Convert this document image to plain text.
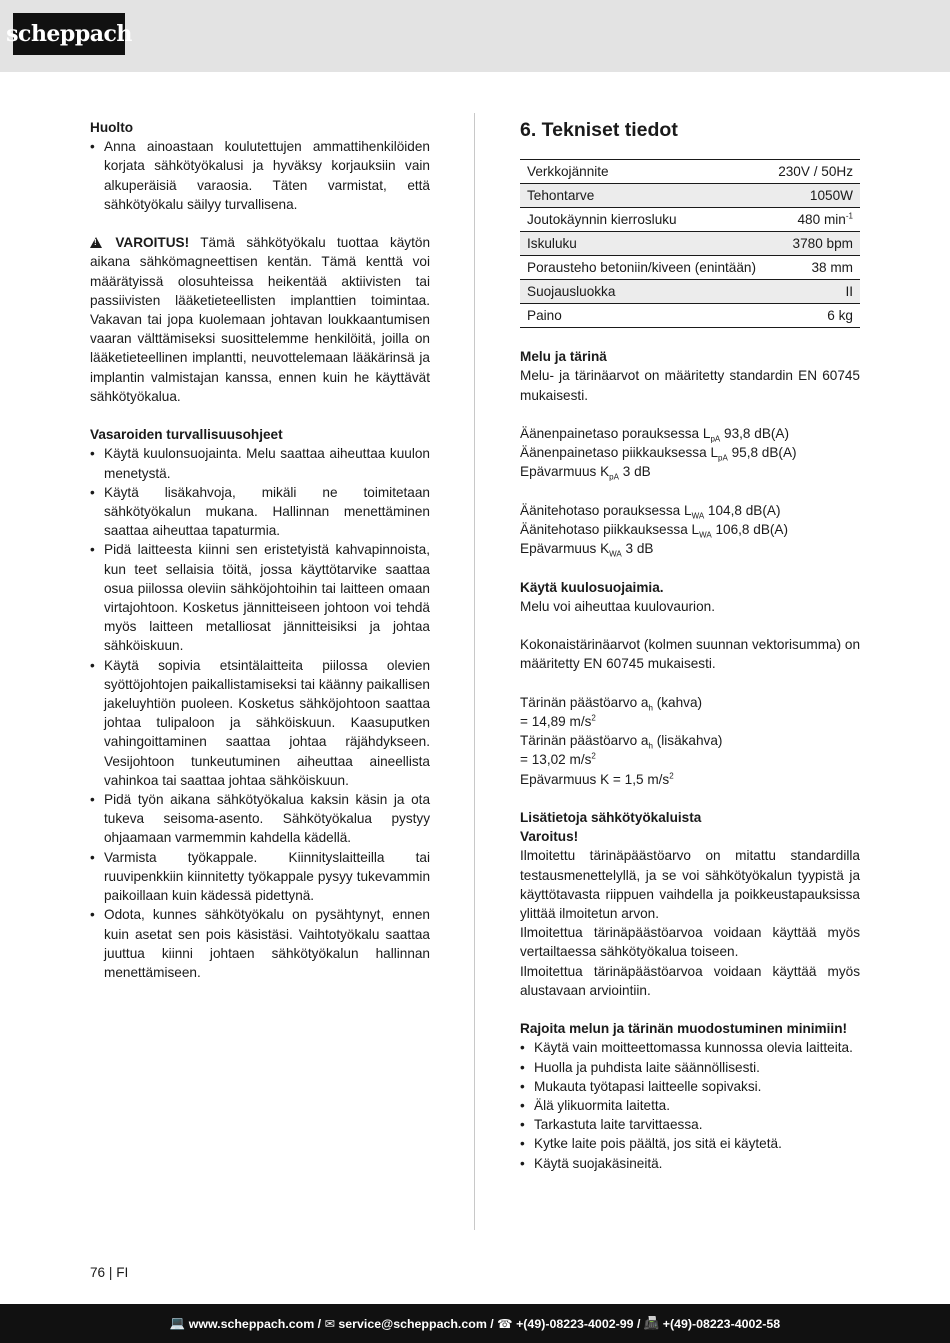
scheppach

Huolto

• Anna ainoastaan koulutettujen ammattihenkilöiden korjata sähkötyökalusi ja hyväksy korjauksiin vain alkuperäisiä varaosia. Täten varmistat, että sähkötyökalu säilyy turvallisena.

! VAROITUS! Tämä sähkötyökalu tuottaa käytön aikana sähkömagneettisen kentän. Tämä kenttä voi määrätyissä olosuhteissa heikentää aktiivisten tai passiivisten lääketieteellisten implanttien toimintaa. Vakavan tai jopa kuolemaan johtavan loukkaantumisen vaaran välttämiseksi suosittelemme henkilöitä, joilla on lääketieteellinen implantti, neuvottelemaan lääkärinsä ja implantin valmistajan kanssa, ennen kuin he käyttävät sähkötyökalua.

Vasaroiden turvallisuusohjeet

• Käytä kuulonsuojainta. Melu saattaa aiheuttaa kuulon menetystä.
• Käytä lisäkahvoja, mikäli ne toimitetaan sähkötyökalun mukana. Hallinnan menettäminen saattaa aiheuttaa tapaturmia.
• Pidä laitteesta kiinni sen eristetyistä kahvapinnoista, kun teet sellaisia töitä, jossa käyttötarvike saattaa osua piilossa oleviin sähköjohtoihin tai laitteen omaan virtajohtoon. Kosketus jännitteiseen johtoon voi tehdä myös laitteen metalliosat jännitteisiksi ja johtaa sähköiskuun.
• Käytä sopivia etsintälaitteita piilossa olevien syöttöjohtojen paikallistamiseksi tai käänny paikallisen jakeluyhtiön puoleen. Kosketus sähköjohtoon saattaa johtaa tulipaloon ja sähköiskuun. Kaasuputken vahingoittaminen saattaa johtaa räjähdykseen. Vesijohtoon tunkeutuminen aiheuttaa aineellista vahinkoa tai saattaa johtaa sähköiskuun.
• Pidä työn aikana sähkötyökalua kaksin käsin ja ota tukeva seisoma-asento. Sähkötyökalua pystyy ohjaamaan varmemmin kahdella kädellä.
• Varmista työkappale. Kiinnityslaitteilla tai ruuvipenkkiin kiinnitetty työkappale pysyy tukevammin paikoillaan kuin kädessä pidettynä.
• Odota, kunnes sähkötyökalu on pysähtynyt, ennen kuin asetat sen pois käsistäsi. Vaihtotyökalu saattaa juuttua kiinni johtaen sähkötyökalun hallinnan menettämiseen.

6. Tekniset tiedot

Verkkojännite	230V / 50Hz
Tehontarve	1050W
Joutokäynnin kierrosluku	480 $\min^{-1}$
Iskuluku	3780 bpm
Porausteho betoniin/kiveen (enintään)	38 mm
Suojausluokka	II
Paino	6 kg

Melu ja tärinä

Melu- ja tärinäarvot on määritetty standardin EN 60745 mukaisesti.

Äänenpainetaso porauksessa $L_{pA}$ 93,8 dB(A)

Äänenpainetaso piikkauksessa $L_{pA}$ 95,8 dB(A)

Epävarmuus $K_{pA}$ 3 dB

Äänitehotaso porauksessa $L_{WA}$ 104,8 dB(A)

Äänitehotaso piikkauksessa $L_{WA}$ 106,8 dB(A)

Epävarmuus $K_{WA}$ 3 dB

Käytä kuulosuojaimia.

Melu voi aiheuttaa kuulovaurion.

Kokonaistärinäarvot (kolmen suunnan vektorisumma) on määritetty EN 60745 mukaisesti.

Tärinän päästöarvo $a_h$ (kahva)

= 14,89 $m/s^2$

Tärinän päästöarvo $a_h$ (lisäkahva)

= 13,02 $m/s^2$

Epävarmuus K = 1,5 $m/s^2$

Lisätietoja sähkötyökaluista

Varoitus!

Ilmoitettu tärinäpäästöarvo on mitattu standardilla testausmenettelyllä, ja se voi sähkötyökalun tyypistä ja käyttötavasta riippuen vaihdella ja poikkeustapauksissa ylittää ilmoitetun arvon.

Ilmoitettua tärinäpäästöarvoa voidaan käyttää myös vertailtaessa sähkötyökalua toiseen.

Ilmoitettua tärinäpäästöarvoa voidaan käyttää myös alustavaan arviointiin.

Rajoita melun ja tärinän muodostuminen minimiin!

• Käytä vain moitteettomassa kunnossa olevia laitteita.
• Huolla ja puhdista laite säännöllisesti.
• Mukauta työtapasi laitteelle sopivaksi.
• Älä ylikuormita laitetta.
• Tarkastuta laite tarvittaessa.
• Kytke laite pois päältä, jos sitä ei käytetä.
• Käytä suojakäsineitä.
76 | FI
💻 www.scheppach.com / ✉ service@scheppach.com / ☎ +(49)-08223-4002-99 / 📠 +(49)-08223-4002-58
